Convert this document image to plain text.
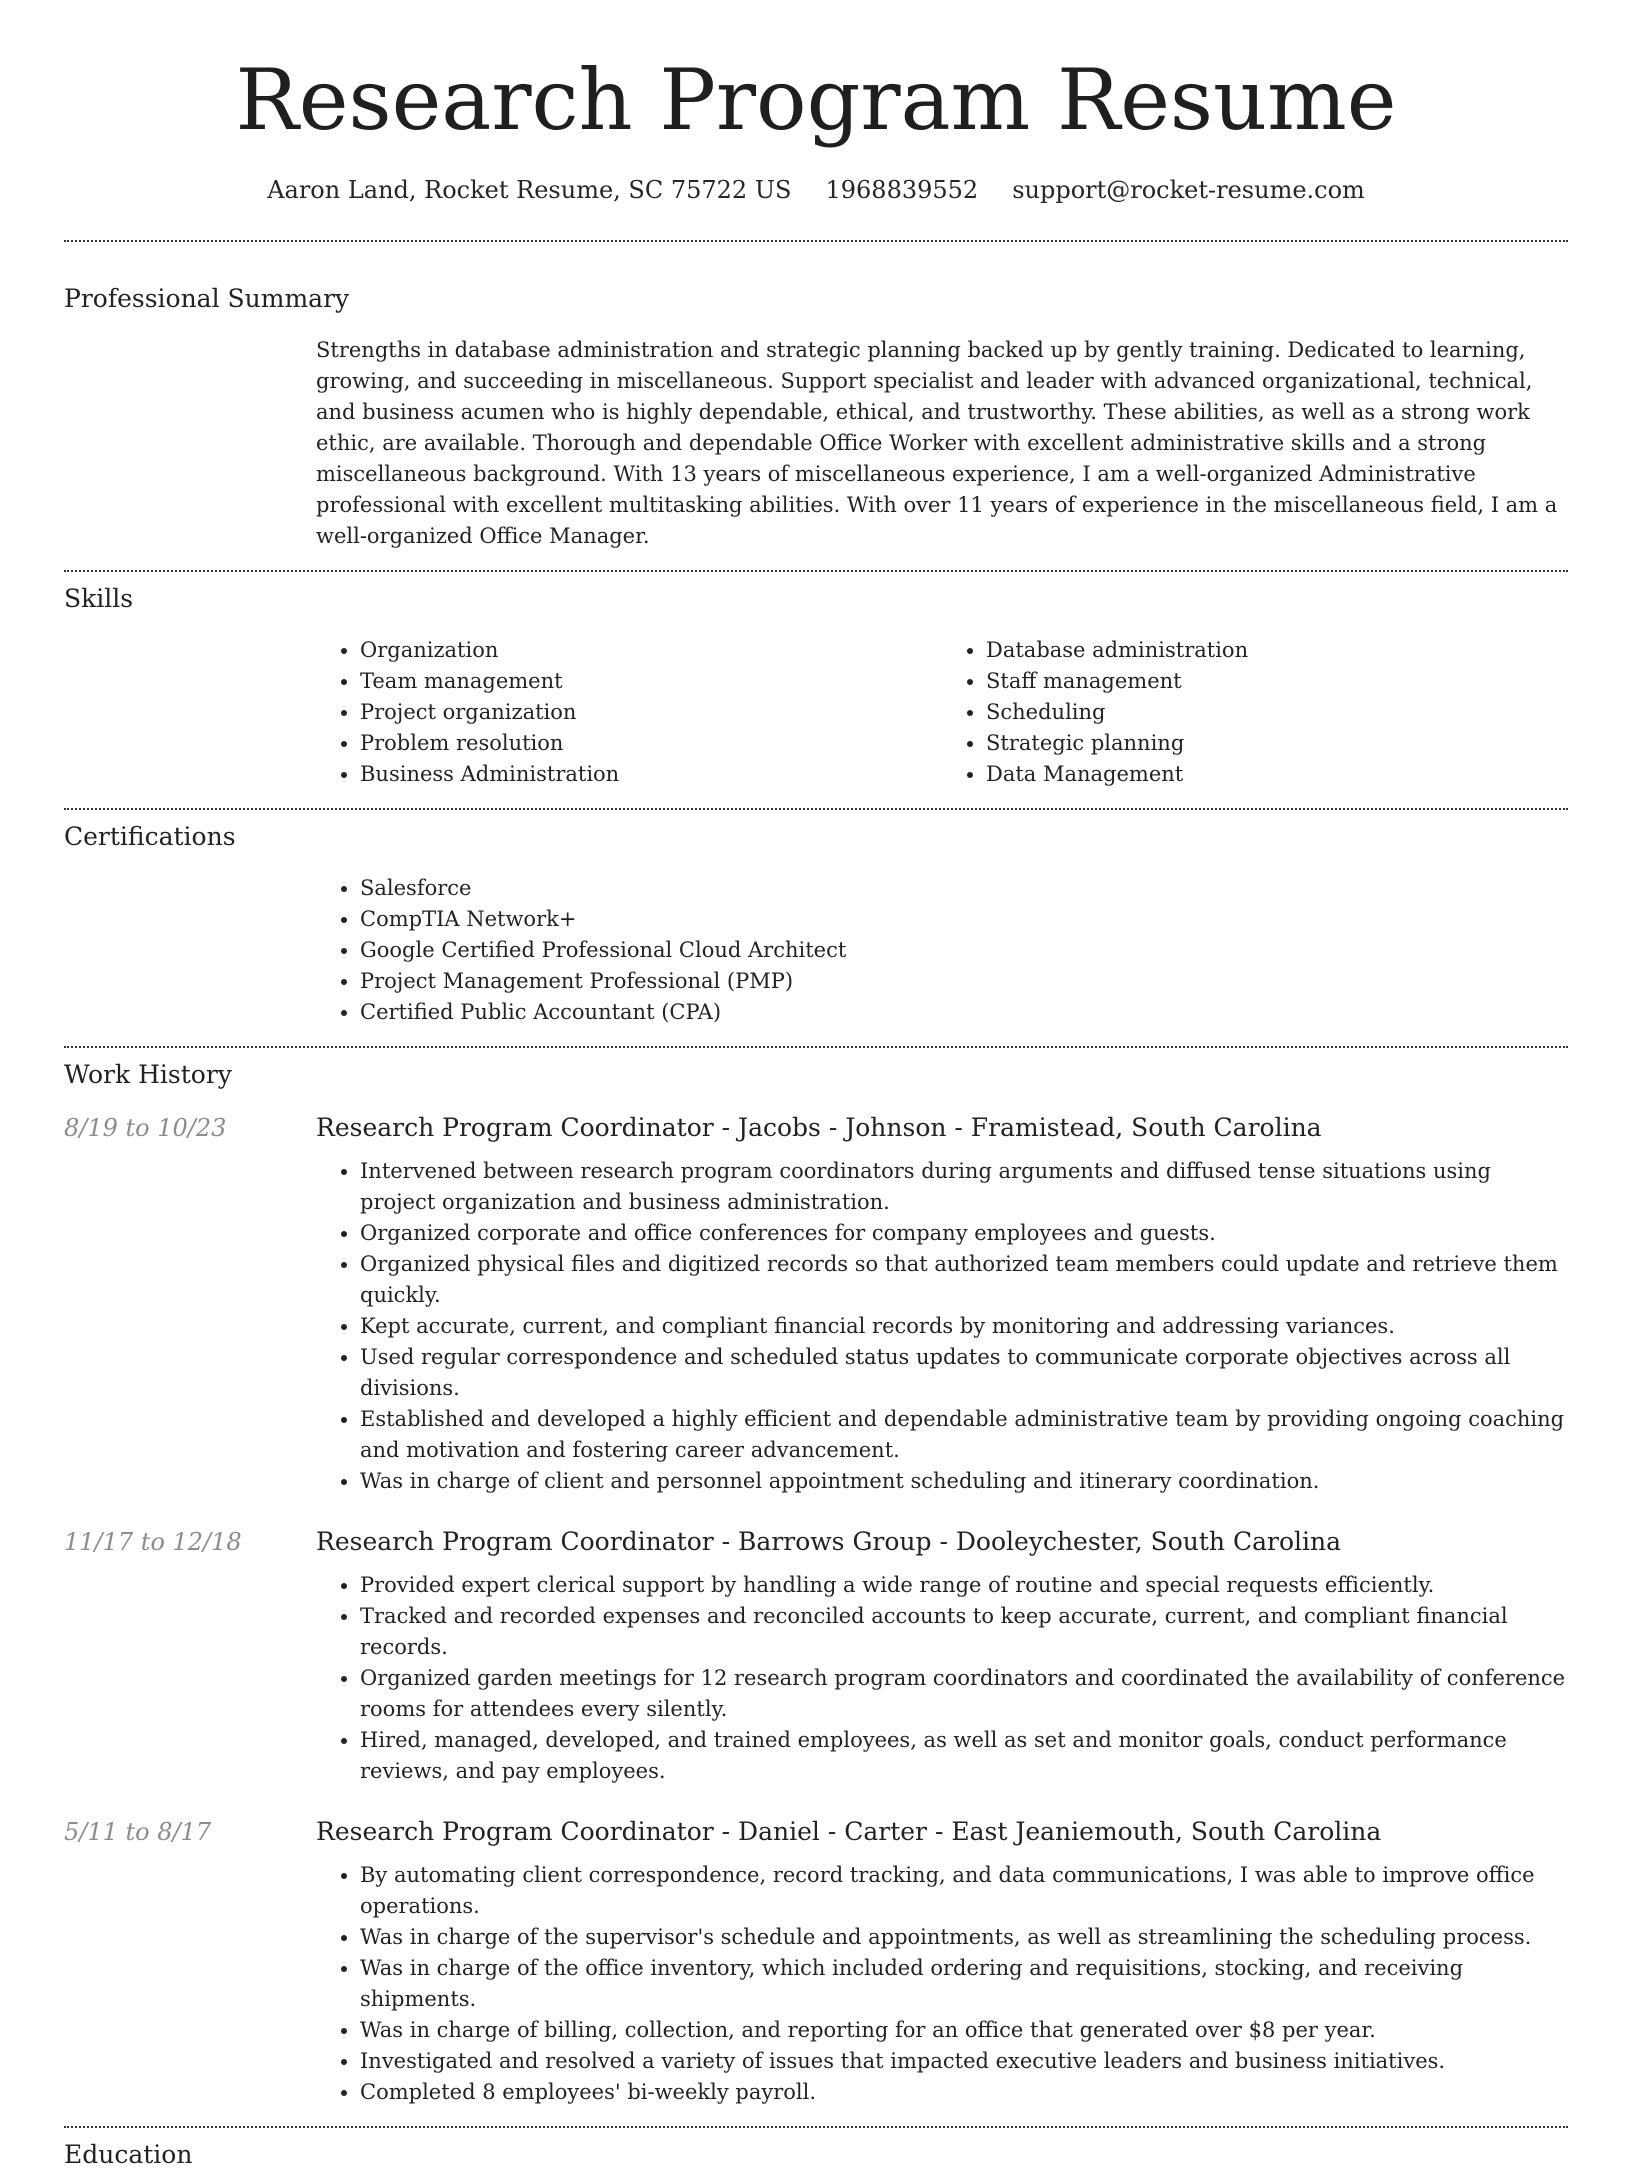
Research Program Resume
Aaron Land, Rocket Resume, SC 75722 US 1968839552 support@rocket-resume.com
Professional Summary

Strengths in database administration and strategic planning backed up by gently training. Dedicated to learning, growing, and succeeding in miscellaneous. Support specialist and leader with advanced organizational, technical, and business acumen who is highly dependable, ethical, and trustworthy. These abilities, as well as a strong work ethic, are available. Thorough and dependable Office Worker with excellent administrative skills and a strong miscellaneous background. With 13 years of miscellaneous experience, I am a well-organized Administrative professional with excellent multitasking abilities. With over 11 years of experience in the miscellaneous field, I am a well-organized Office Manager.

Skills
• Organization
• Team management
• Project organization
• Problem resolution
• Business Administration
• Database administration
• Staff management
• Scheduling
• Strategic planning
• Data Management
Certifications
• Salesforce
• CompTIA Network+
• Google Certified Professional Cloud Architect
• Project Management Professional (PMP)
• Certified Public Accountant (CPA)
Work History
8/19 to 10/23	Research Program Coordinator - Jacobs - Johnson - Framistead, South Carolina
• Intervened between research program coordinators during arguments and diffused tense situations using project organization and business administration.
• Organized corporate and office conferences for company employees and guests.
• Organized physical files and digitized records so that authorized team members could update and retrieve them quickly.
• Kept accurate, current, and compliant financial records by monitoring and addressing variances.
• Used regular correspondence and scheduled status updates to communicate corporate objectives across all divisions.
• Established and developed a highly efficient and dependable administrative team by providing ongoing coaching and motivation and fostering career advancement.
• Was in charge of client and personnel appointment scheduling and itinerary coordination.
11/17 to 12/18	Research Program Coordinator - Barrows Group - Dooleychester, South Carolina
• Provided expert clerical support by handling a wide range of routine and special requests efficiently.
• Tracked and recorded expenses and reconciled accounts to keep accurate, current, and compliant financial records.
• Organized garden meetings for 12 research program coordinators and coordinated the availability of conference rooms for attendees every silently.
• Hired, managed, developed, and trained employees, as well as set and monitor goals, conduct performance reviews, and pay employees.
5/11 to 8/17	Research Program Coordinator - Daniel - Carter - East Jeaniemouth, South Carolina
• By automating client correspondence, record tracking, and data communications, I was able to improve office operations.
• Was in charge of the supervisor's schedule and appointments, as well as streamlining the scheduling process.
• Was in charge of the office inventory, which included ordering and requisitions, stocking, and receiving shipments.
• Was in charge of billing, collection, and reporting for an office that generated over $8 per year.
• Investigated and resolved a variety of issues that impacted executive leaders and business initiatives.
• Completed 8 employees' bi-weekly payroll.
Education
